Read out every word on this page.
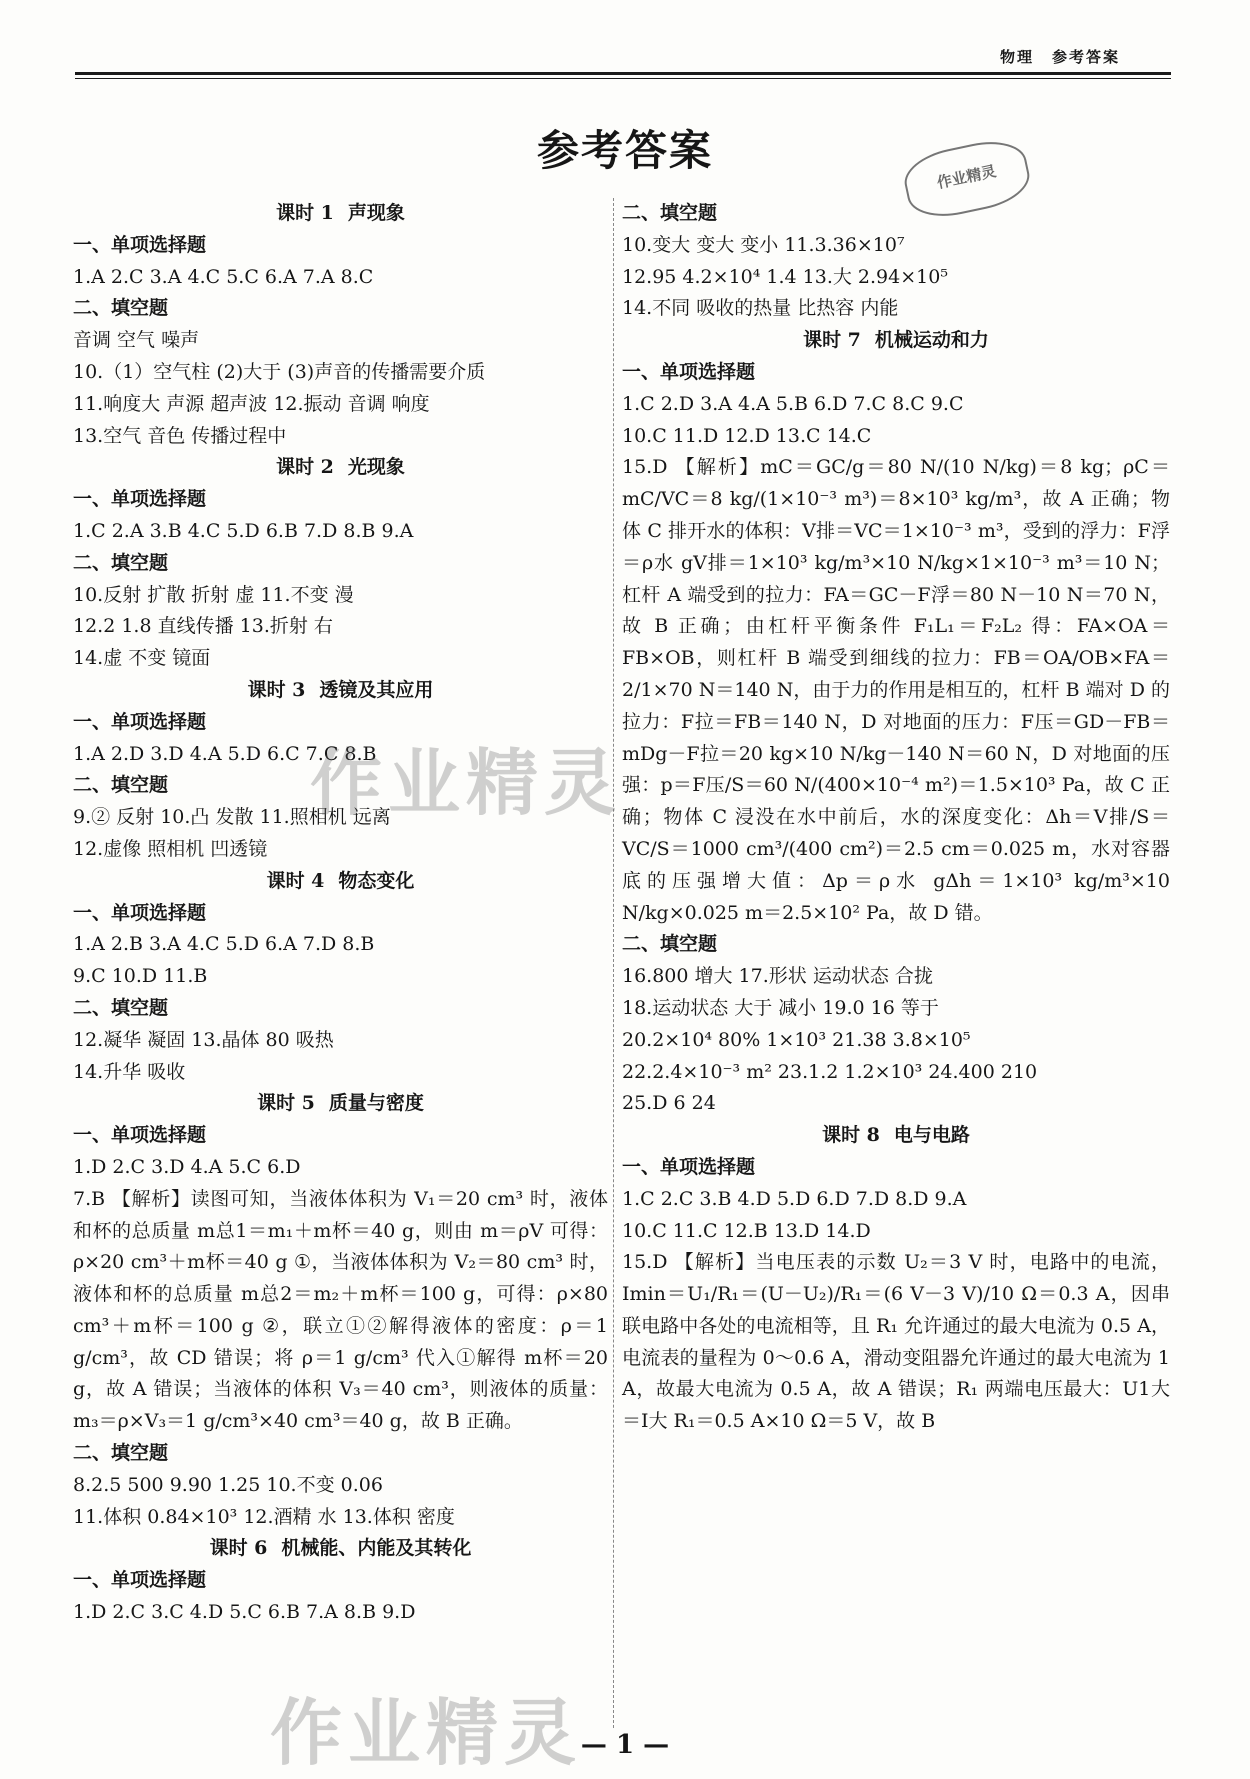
物理 参考答案
参考答案
作业精灵
课时 1 声现象
一、单项选择题
1.A 2.C 3.A 4.C 5.C 6.A 7.A 8.C
二、填空题
音调 空气 噪声
10.（1）空气柱 (2)大于 (3)声音的传播需要介质
11.响度大 声源 超声波 12.振动 音调 响度
13.空气 音色 传播过程中
课时 2 光现象
一、单项选择题
1.C 2.A 3.B 4.C 5.D 6.B 7.D 8.B 9.A
二、填空题
10.反射 扩散 折射 虚 11.不变 漫
12.2 1.8 直线传播 13.折射 右
14.虚 不变 镜面
课时 3 透镜及其应用
一、单项选择题
1.A 2.D 3.D 4.A 5.D 6.C 7.C 8.B
二、填空题
9.② 反射 10.凸 发散 11.照相机 远离
12.虚像 照相机 凹透镜
课时 4 物态变化
一、单项选择题
1.A 2.B 3.A 4.C 5.D 6.A 7.D 8.B
9.C 10.D 11.B
二、填空题
12.凝华 凝固 13.晶体 80 吸热
14.升华 吸收
课时 5 质量与密度
一、单项选择题
1.D 2.C 3.D 4.A 5.C 6.D
7.B 【解析】读图可知，当液体体积为 V₁＝20 cm³ 时，液体和杯的总质量 m总1＝m₁＋m杯＝40 g，则由 m＝ρV 可得：ρ×20 cm³＋m杯＝40 g ①，当液体体积为 V₂＝80 cm³ 时，液体和杯的总质量 m总2＝m₂＋m杯＝100 g，可得：ρ×80 cm³＋m杯＝100 g ②，联立①②解得液体的密度：ρ＝1 g/cm³，故 CD 错误；将 ρ＝1 g/cm³ 代入①解得 m杯＝20 g，故 A 错误；当液体的体积 V₃＝40 cm³，则液体的质量：m₃＝ρ×V₃＝1 g/cm³×40 cm³＝40 g，故 B 正确。
二、填空题
8.2.5 500 9.90 1.25 10.不变 0.06
11.体积 0.84×10³ 12.酒精 水 13.体积 密度
课时 6 机械能、内能及其转化
一、单项选择题
1.D 2.C 3.C 4.D 5.C 6.B 7.A 8.B 9.D
二、填空题
10.变大 变大 变小 11.3.36×10⁷
12.95 4.2×10⁴ 1.4 13.大 2.94×10⁵
14.不同 吸收的热量 比热容 内能
课时 7 机械运动和力
一、单项选择题
1.C 2.D 3.A 4.A 5.B 6.D 7.C 8.C 9.C
10.C 11.D 12.D 13.C 14.C
15.D 【解析】mC＝GC/g＝80 N/(10 N/kg)＝8 kg；ρC＝mC/VC＝8 kg/(1×10⁻³ m³)＝8×10³ kg/m³，故 A 正确；物体 C 排开水的体积：V排＝VC＝1×10⁻³ m³，受到的浮力：F浮＝ρ水 gV排＝1×10³ kg/m³×10 N/kg×1×10⁻³ m³＝10 N；杠杆 A 端受到的拉力：FA＝GC－F浮＝80 N－10 N＝70 N，故 B 正确；由杠杆平衡条件 F₁L₁＝F₂L₂ 得：FA×OA＝FB×OB，则杠杆 B 端受到细线的拉力：FB＝OA/OB×FA＝2/1×70 N＝140 N，由于力的作用是相互的，杠杆 B 端对 D 的拉力：F拉＝FB＝140 N，D 对地面的压力：F压＝GD－FB＝mDg－F拉＝20 kg×10 N/kg－140 N＝60 N，D 对地面的压强：p＝F压/S＝60 N/(400×10⁻⁴ m²)＝1.5×10³ Pa，故 C 正确；物体 C 浸没在水中前后，水的深度变化：Δh＝V排/S＝VC/S＝1000 cm³/(400 cm²)＝2.5 cm＝0.025 m，水对容器底的压强增大值：Δp＝ρ水 gΔh＝1×10³ kg/m³×10 N/kg×0.025 m＝2.5×10² Pa，故 D 错。
二、填空题
16.800 增大 17.形状 运动状态 合拢
18.运动状态 大于 减小 19.0 16 等于
20.2×10⁴ 80% 1×10³ 21.38 3.8×10⁵
22.2.4×10⁻³ m² 23.1.2 1.2×10³ 24.400 210
25.D 6 24
课时 8 电与电路
一、单项选择题
1.C 2.C 3.B 4.D 5.D 6.D 7.D 8.D 9.A
10.C 11.C 12.B 13.D 14.D
15.D 【解析】当电压表的示数 U₂＝3 V 时，电路中的电流，Imin＝U₁/R₁＝(U－U₂)/R₁＝(6 V－3 V)/10 Ω＝0.3 A，因串联电路中各处的电流相等，且 R₁ 允许通过的最大电流为 0.5 A，电流表的量程为 0～0.6 A，滑动变阻器允许通过的最大电流为 1 A，故最大电流为 0.5 A，故 A 错误；R₁ 两端电压最大：U1大＝I大 R₁＝0.5 A×10 Ω＝5 V，故 B
作业精灵
作业精灵
— 1 —
